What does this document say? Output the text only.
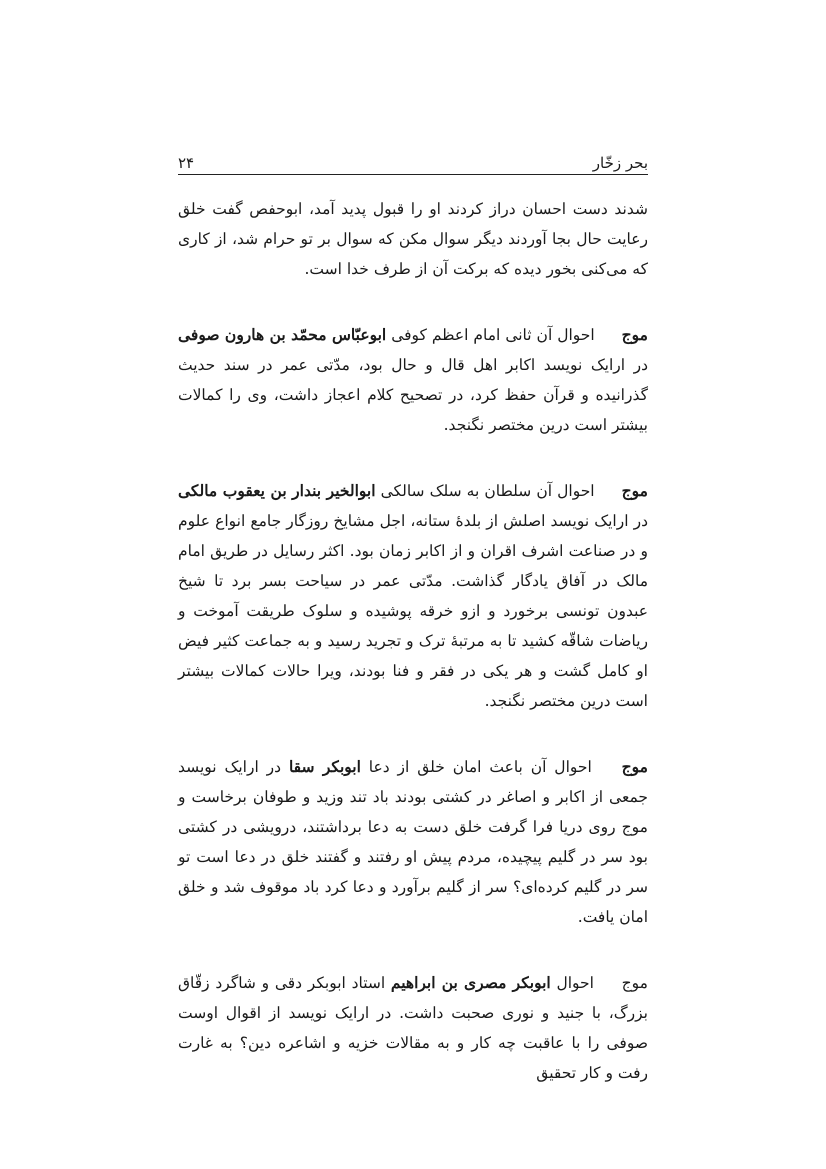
بحر زخّار
۲۴

شدند دست احسان دراز کردند او را قبول پدید آمد، ابوحفص گفت خلق رعایت حال بجا آوردند دیگر سوال مکن که سوال بر تو حرام شد، از کاری که می‌کنی بخور دیده که برکت آن از طرف خدا است.

موج احوال آن ثانی امام اعظم کوفی ابوعبّاس محمّد بن هارون صوفی در ارایک نویسد اکابر اهل قال و حال بود، مدّتی عمر در سند حدیث گذرانیده و قرآن حفظ کرد، در تصحیح کلام اعجاز داشت، وی را کمالات بیشتر است درین مختصر نگنجد.

موج احوال آن سلطان به سلک سالکی ابوالخیر بندار بن یعقوب مالکی در ارایک نویسد اصلش از بلدۀ ستانه، اجل مشایخ روزگار جامع انواع علوم و در صناعت اشرف اقران و از اکابر زمان بود. اکثر رسایل در طریق امام مالک در آفاق یادگار گذاشت. مدّتی عمر در سیاحت بسر برد تا شیخ عبدون تونسی برخورد و ازو خرقه پوشیده و سلوک طریقت آموخت و ریاضات شاقّه کشید تا به مرتبۀ ترک و تجرید رسید و به جماعت کثیر فیض او کامل گشت و هر یکی در فقر و فنا بودند، ویرا حالات کمالات بیشتر است درین مختصر نگنجد.

موج احوال آن باعث امان خلق از دعا ابوبکر سقا در ارایک نویسد جمعی از اکابر و اصاغر در کشتی بودند باد تند وزید و طوفان برخاست و موج روی دریا فرا گرفت خلق دست به دعا برداشتند، درویشی در کشتی بود سر در گلیم پیچیده، مردم پیش او رفتند و گفتند خلق در دعا است تو سر در گلیم کرده‌ای؟ سر از گلیم برآورد و دعا کرد باد موقوف شد و خلق امان یافت.

موج احوال ابوبکر مصری بن ابراهیم استاد ابوبکر دقی و شاگرد زقّاق بزرگ، با جنید و نوری صحبت داشت. در ارایک نویسد از اقوال اوست صوفی را با عاقبت چه کار و به مقالات خزیه و اشاعره دین؟ به غارت رفت و کار تحقیق
